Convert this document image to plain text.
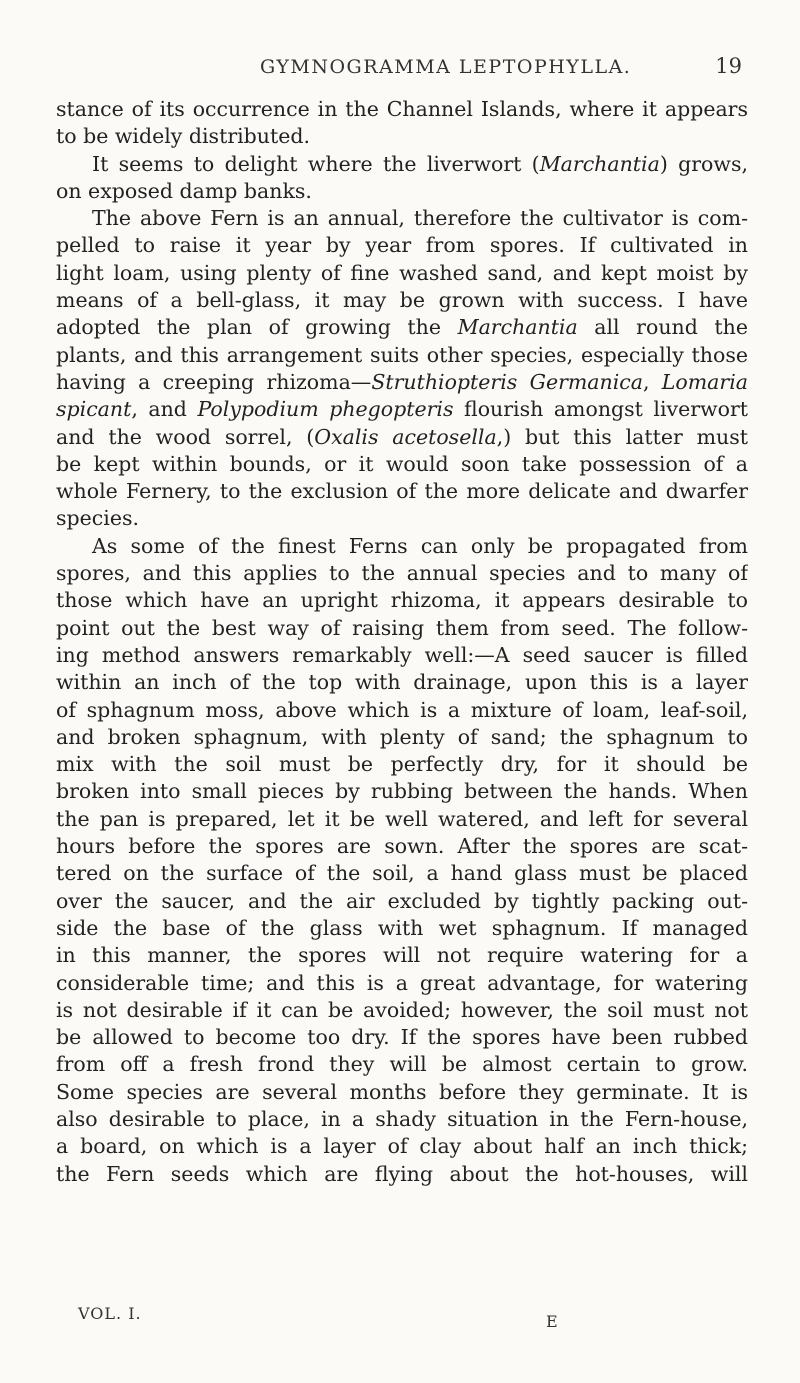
GYMNOGRAMMA LEPTOPHYLLA.	19
stance of its occurrence in the Channel Islands, where it appears
to be widely distributed.
It seems to delight where the liverwort (Marchantia) grows,
on exposed damp banks.
The above Fern is an annual, therefore the cultivator is com-
pelled to raise it year by year from spores. If cultivated in
light loam, using plenty of fine washed sand, and kept moist by
means of a bell-glass, it may be grown with success. I have
adopted the plan of growing the Marchantia all round the
plants, and this arrangement suits other species, especially those
having a creeping rhizoma—Struthiopteris Germanica, Lomaria
spicant, and Polypodium phegopteris flourish amongst liverwort
and the wood sorrel, (Oxalis acetosella,) but this latter must
be kept within bounds, or it would soon take possession of a
whole Fernery, to the exclusion of the more delicate and dwarfer
species.
As some of the finest Ferns can only be propagated from
spores, and this applies to the annual species and to many of
those which have an upright rhizoma, it appears desirable to
point out the best way of raising them from seed. The follow-
ing method answers remarkably well:—A seed saucer is filled
within an inch of the top with drainage, upon this is a layer
of sphagnum moss, above which is a mixture of loam, leaf-soil,
and broken sphagnum, with plenty of sand; the sphagnum to
mix with the soil must be perfectly dry, for it should be
broken into small pieces by rubbing between the hands. When
the pan is prepared, let it be well watered, and left for several
hours before the spores are sown. After the spores are scat-
tered on the surface of the soil, a hand glass must be placed
over the saucer, and the air excluded by tightly packing out-
side the base of the glass with wet sphagnum. If managed
in this manner, the spores will not require watering for a
considerable time; and this is a great advantage, for watering
is not desirable if it can be avoided; however, the soil must not
be allowed to become too dry. If the spores have been rubbed
from off a fresh frond they will be almost certain to grow.
Some species are several months before they germinate. It is
also desirable to place, in a shady situation in the Fern-house,
a board, on which is a layer of clay about half an inch thick;
the Fern seeds which are flying about the hot-houses, will
VOL. I.	E
